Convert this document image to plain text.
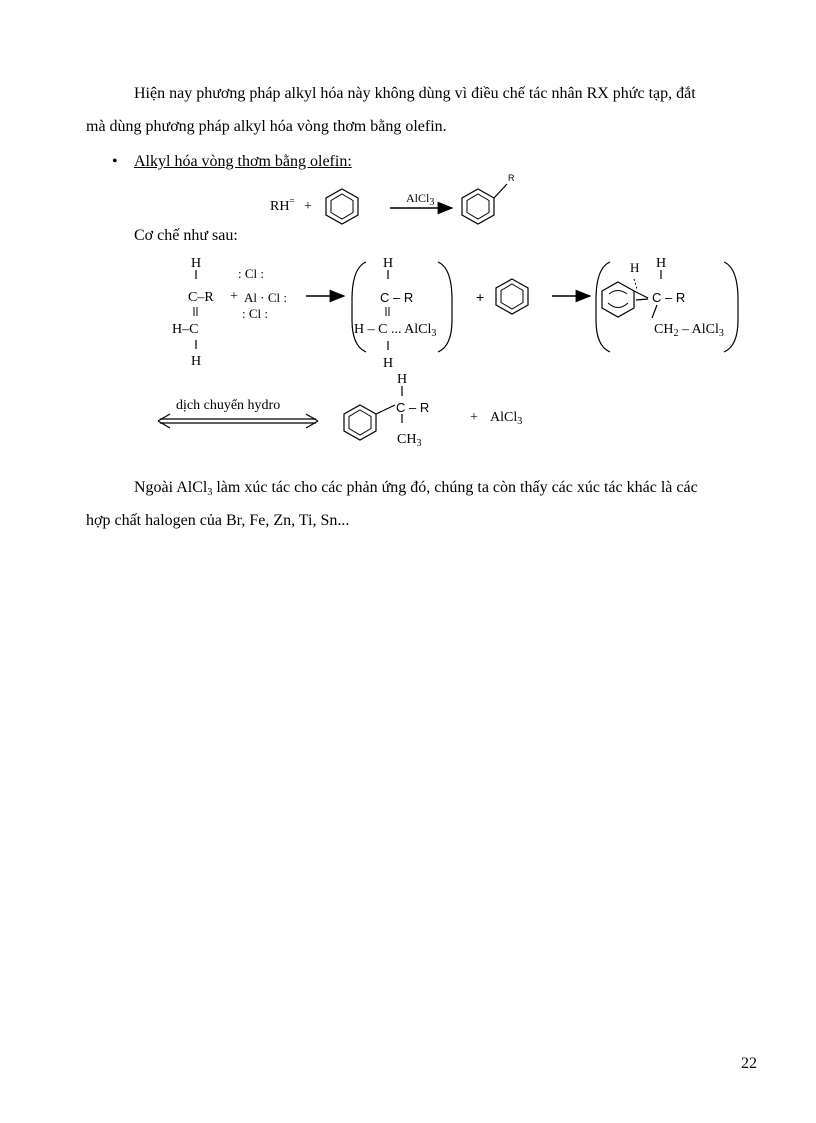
Hiện nay phương pháp alkyl hóa này không dùng vì điều chế tác nhân RX phức tạp, đắt
mà dùng phương pháp alkyl hóa vòng thơm bằng olefin.
• Alkyl hóa vòng thơm bằng olefin:
RH= +
AlCl$_3$
R
Cơ chế như sau:
H
C–R
H–C
H
: Cl :
+ Al · Cl :
: Cl :
H
C – R
H – C ... AlCl$_3$
H
+
H H
C – R
$CH_2$ – AlCl$_3$
dịch chuyển hydro
H
C – R
$CH_3$
+ AlCl$_3$
Ngoài AlCl$_3$ làm xúc tác cho các phản ứng đó, chúng ta còn thấy các xúc tác khác là các
hợp chất halogen của Br, Fe, Zn, Ti, Sn...
22
